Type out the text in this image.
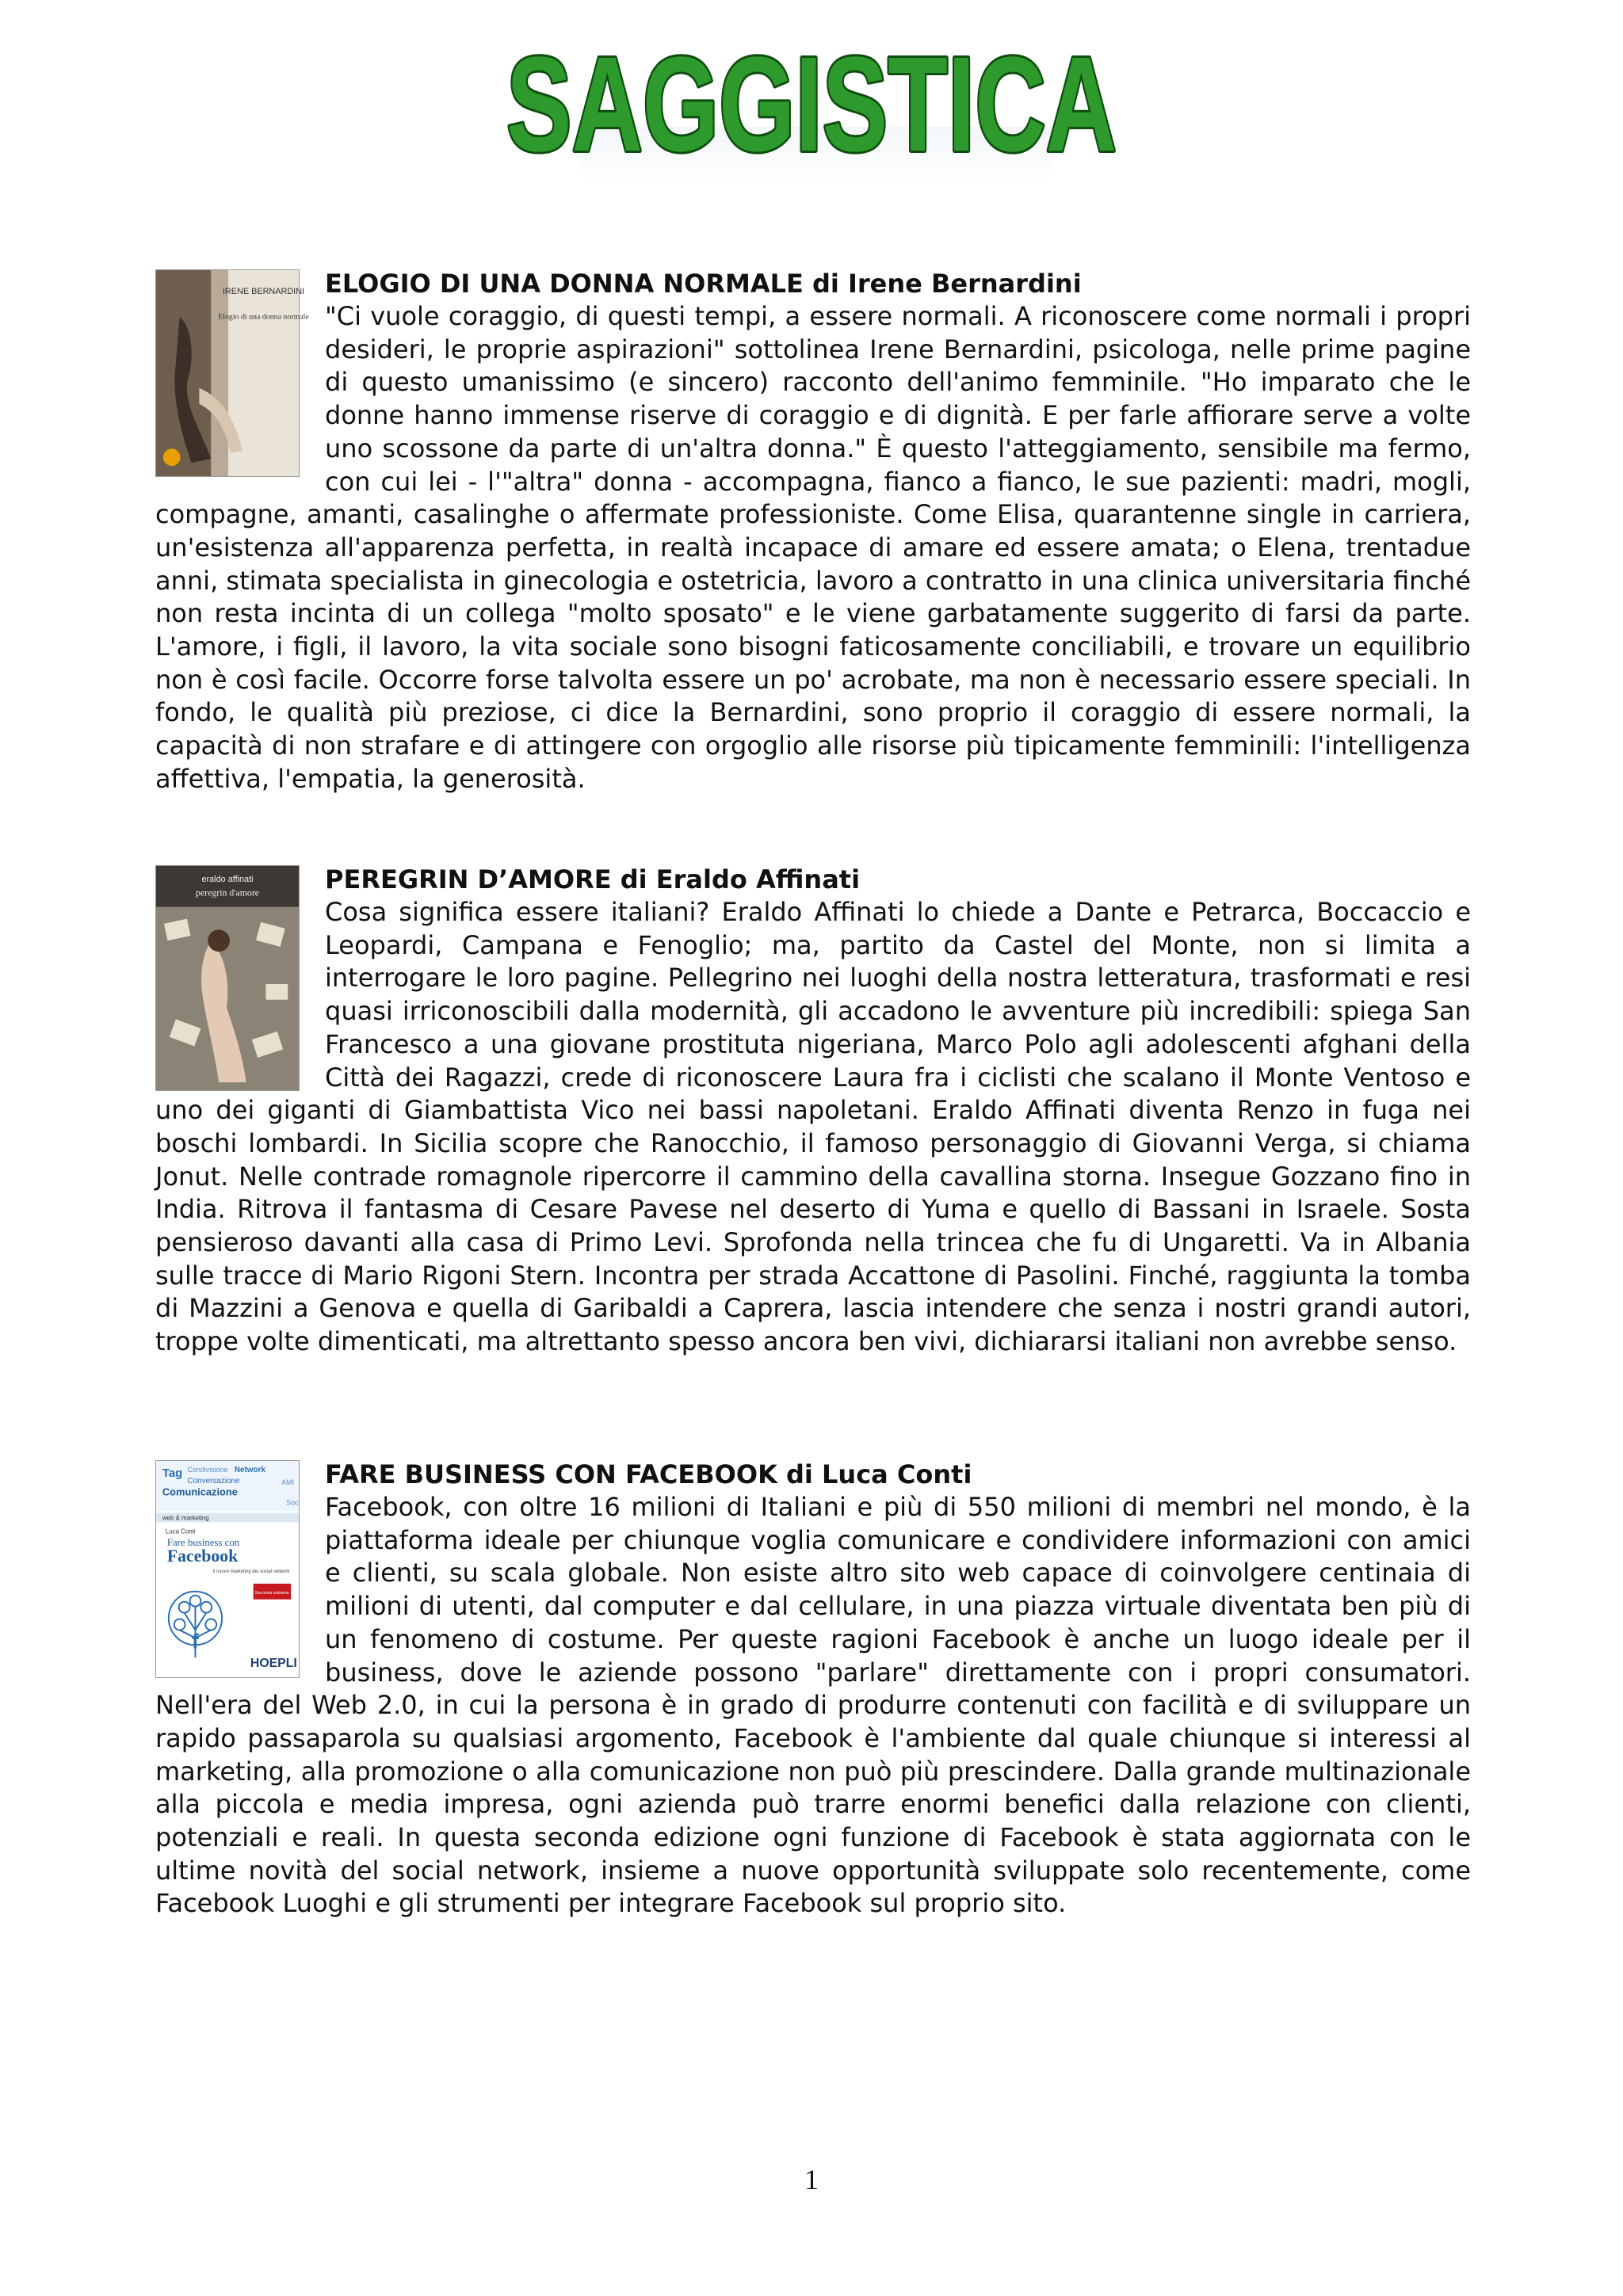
SAGGISTICA
IRENE BERNARDINI
Elogio di una donna normale
ELOGIO DI UNA DONNA NORMALE di Irene Bernardini

"Ci vuole coraggio, di questi tempi, a essere normali. A riconoscere come normali i propri desideri, le proprie aspirazioni" sottolinea Irene Bernardini, psicologa, nelle prime pagine di questo umanissimo (e sincero) racconto dell'animo femminile. "Ho imparato che le donne hanno immense riserve di coraggio e di dignità. E per farle affiorare serve a volte uno scossone da parte di un'altra donna." È questo l'atteggiamento, sensibile ma fermo, con cui lei - l'"altra" donna - accompagna, fianco a fianco, le sue pazienti: madri, mogli, compagne, amanti, casalinghe o affermate professioniste. Come Elisa, quarantenne single in carriera, un'esistenza all'apparenza perfetta, in realtà incapace di amare ed essere amata; o Elena, trentadue anni, stimata specialista in ginecologia e ostetricia, lavoro a contratto in una clinica universitaria finché non resta incinta di un collega "molto sposato" e le viene garbatamente suggerito di farsi da parte. L'amore, i figli, il lavoro, la vita sociale sono bisogni faticosamente conciliabili, e trovare un equilibrio non è così facile. Occorre forse talvolta essere un po' acrobate, ma non è necessario essere speciali. In fondo, le qualità più preziose, ci dice la Bernardini, sono proprio il coraggio di essere normali, la capacità di non strafare e di attingere con orgoglio alle risorse più tipicamente femminili: l'intelligenza affettiva, l'empatia, la generosità.

eraldo affinati
peregrin d'amore	PEREGRIN D’AMORE di Eraldo Affinati

Cosa significa essere italiani? Eraldo Affinati lo chiede a Dante e Petrarca, Boccaccio e Leopardi, Campana e Fenoglio; ma, partito da Castel del Monte, non si limita a interrogare le loro pagine. Pellegrino nei luoghi della nostra letteratura, trasformati e resi quasi irriconoscibili dalla modernità, gli accadono le avventure più incredibili: spiega San Francesco a una giovane prostituta nigeriana, Marco Polo agli adolescenti afghani della Città dei Ragazzi, crede di riconoscere Laura fra i ciclisti che scalano il Monte Ventoso e uno dei giganti di Giambattista Vico nei bassi napoletani. Eraldo Affinati diventa Renzo in fuga nei boschi lombardi. In Sicilia scopre che Ranocchio, il famoso personaggio di Giovanni Verga, si chiama Jonut. Nelle contrade romagnole ripercorre il cammino della cavallina storna. Insegue Gozzano fino in India. Ritrova il fantasma di Cesare Pavese nel deserto di Yuma e quello di Bassani in Israele. Sosta pensieroso davanti alla casa di Primo Levi. Sprofonda nella trincea che fu di Ungaretti. Va in Albania sulle tracce di Mario Rigoni Stern. Incontra per strada Accattone di Pasolini. Finché, raggiunta la tomba di Mazzini a Genova e quella di Garibaldi a Caprera, lascia intendere che senza i nostri grandi autori, troppe volte dimenticati, ma altrettanto spesso ancora ben vivi, dichiararsi italiani non avrebbe senso.

Tag Condivisione Network
Conversazione
Comunicazione
AMI
Soci
web & marketing
Luca Conti
Fare business con
Facebook
Il nuovo marketing dei social network
Seconda edizione
f
HOEPLI
FARE BUSINESS CON FACEBOOK di Luca Conti

Facebook, con oltre 16 milioni di Italiani e più di 550 milioni di membri nel mondo, è la piattaforma ideale per chiunque voglia comunicare e condividere informazioni con amici e clienti, su scala globale. Non esiste altro sito web capace di coinvolgere centinaia di milioni di utenti, dal computer e dal cellulare, in una piazza virtuale diventata ben più di un fenomeno di costume. Per queste ragioni Facebook è anche un luogo ideale per il business, dove le aziende possono "parlare" direttamente con i propri consumatori. Nell'era del Web 2.0, in cui la persona è in grado di produrre contenuti con facilità e di sviluppare un rapido passaparola su qualsiasi argomento, Facebook è l'ambiente dal quale chiunque si interessi al marketing, alla promozione o alla comunicazione non può più prescindere. Dalla grande multinazionale alla piccola e media impresa, ogni azienda può trarre enormi benefici dalla relazione con clienti, potenziali e reali. In questa seconda edizione ogni funzione di Facebook è stata aggiornata con le ultime novità del social network, insieme a nuove opportunità sviluppate solo recentemente, come Facebook Luoghi e gli strumenti per integrare Facebook sul proprio sito.

1
